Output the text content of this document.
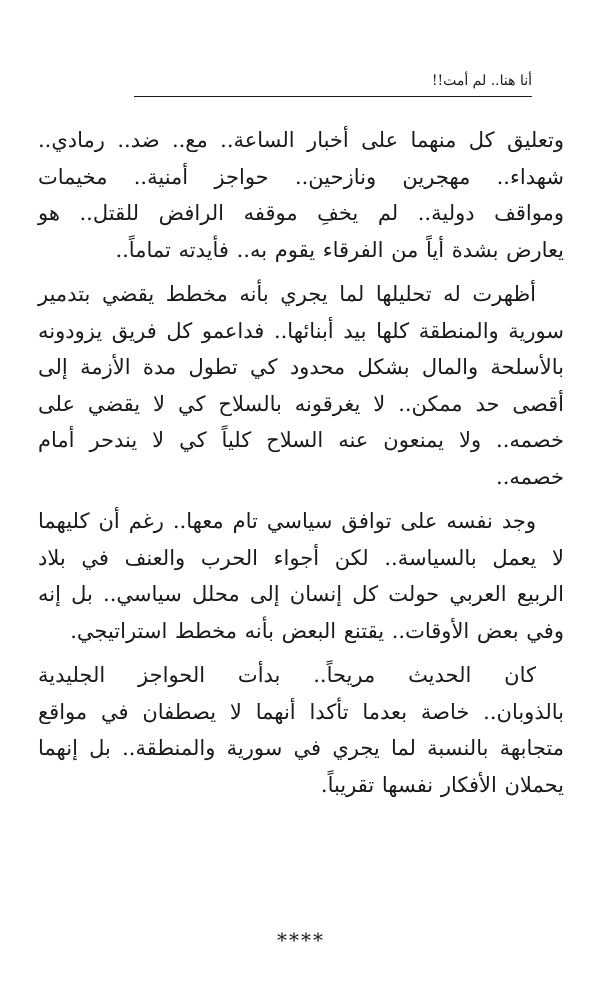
أنا هنا.. لم أمت!!

وتعليق كل منهما على أخبار الساعة.. مع.. ضد.. رمادي..
شهداء.. مهجرين ونازحين.. حواجز أمنية.. مخيمات
ومواقف دولية.. لم يخفِ موقفه الرافض للقتل.. هو
يعارض بشدة أياً من الفرقاء يقوم به.. فأيدته تماماً..

أظهرت له تحليلها لما يجري بأنه مخطط يقضي بتدمير
سورية والمنطقة كلها بيد أبنائها.. فداعمو كل فريق يزودونه
بالأسلحة والمال بشكل محدود كي تطول مدة الأزمة إلى
أقصى حد ممكن.. لا يغرقونه بالسلاح كي لا يقضي على
خصمه.. ولا يمنعون عنه السلاح كلياً كي لا يندحر أمام
خصمه..

وجد نفسه على توافق سياسي تام معها.. رغم أن كليهما
لا يعمل بالسياسة.. لكن أجواء الحرب والعنف في بلاد
الربيع العربي حولت كل إنسان إلى محلل سياسي.. بل إنه
وفي بعض الأوقات.. يقتنع البعض بأنه مخطط استراتيجي.

كان الحديث مريحاً.. بدأت الحواجز الجليدية
بالذوبان.. خاصة بعدما تأكدا أنهما لا يصطفان في مواقع
متجابهة بالنسبة لما يجري في سورية والمنطقة.. بل إنهما
يحملان الأفكار نفسها تقريباً.

****
